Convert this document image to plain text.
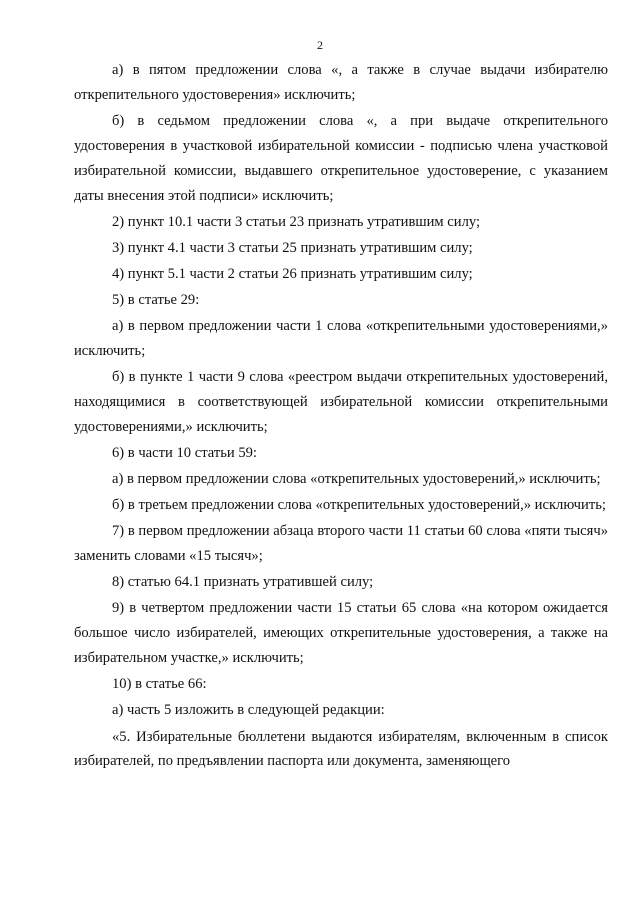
2

а) в пятом предложении слова «, а также в случае выдачи избирателю открепительного удостоверения» исключить;

б) в седьмом предложении слова «, а при выдаче открепительного удостоверения в участковой избирательной комиссии - подписью члена участковой избирательной комиссии, выдавшего открепительное удостоверение, с указанием даты внесения этой подписи» исключить;

2) пункт 10.1 части 3 статьи 23 признать утратившим силу;

3) пункт 4.1 части 3 статьи 25 признать утратившим силу;

4) пункт 5.1 части 2 статьи 26 признать утратившим силу;

5) в статье 29:

а) в первом предложении части 1 слова «открепительными удостоверениями,» исключить;

б) в пункте 1 части 9 слова «реестром выдачи открепительных удостоверений, находящимися в соответствующей избирательной комиссии открепительными удостоверениями,» исключить;

6) в части 10 статьи 59:

а) в первом предложении слова «открепительных удостоверений,» исключить;

б) в третьем предложении слова «открепительных удостоверений,» исключить;

7) в первом предложении абзаца второго части 11 статьи 60 слова «пяти тысяч» заменить словами «15 тысяч»;

8) статью 64.1 признать утратившей силу;

9) в четвертом предложении части 15 статьи 65 слова «на котором ожидается большое число избирателей, имеющих открепительные удостоверения, а также на избирательном участке,» исключить;

10) в статье 66:

а) часть 5 изложить в следующей редакции:

«5. Избирательные бюллетени выдаются избирателям, включенным в список избирателей, по предъявлении паспорта или документа, заменяющего
